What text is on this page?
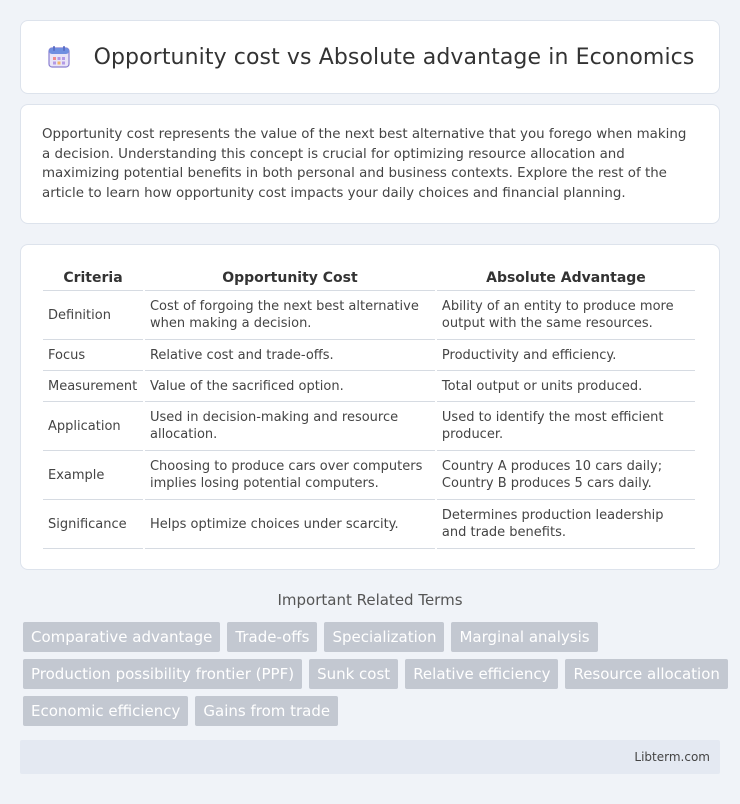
Opportunity cost vs Absolute advantage in Economics

Opportunity cost represents the value of the next best alternative that you forego when making a decision. Understanding this concept is crucial for optimizing resource allocation and maximizing potential benefits in both personal and business contexts. Explore the rest of the article to learn how opportunity cost impacts your daily choices and financial planning.

Criteria	Opportunity Cost	Absolute Advantage
Definition	Cost of forgoing the next best alternative when making a decision.	Ability of an entity to produce more output with the same resources.
Focus	Relative cost and trade-offs.	Productivity and efficiency.
Measurement	Value of the sacrificed option.	Total output or units produced.
Application	Used in decision-making and resource allocation.	Used to identify the most efficient producer.
Example	Choosing to produce cars over computers implies losing potential computers.	Country A produces 10 cars daily; Country B produces 5 cars daily.
Significance	Helps optimize choices under scarcity.	Determines production leadership and trade benefits.
Important Related Terms
Comparative advantage	Trade-offs	Specialization	Marginal analysis
Production possibility frontier (PPF)	Sunk cost	Relative efficiency	Resource allocation
Economic efficiency	Gains from trade
Libterm.com
